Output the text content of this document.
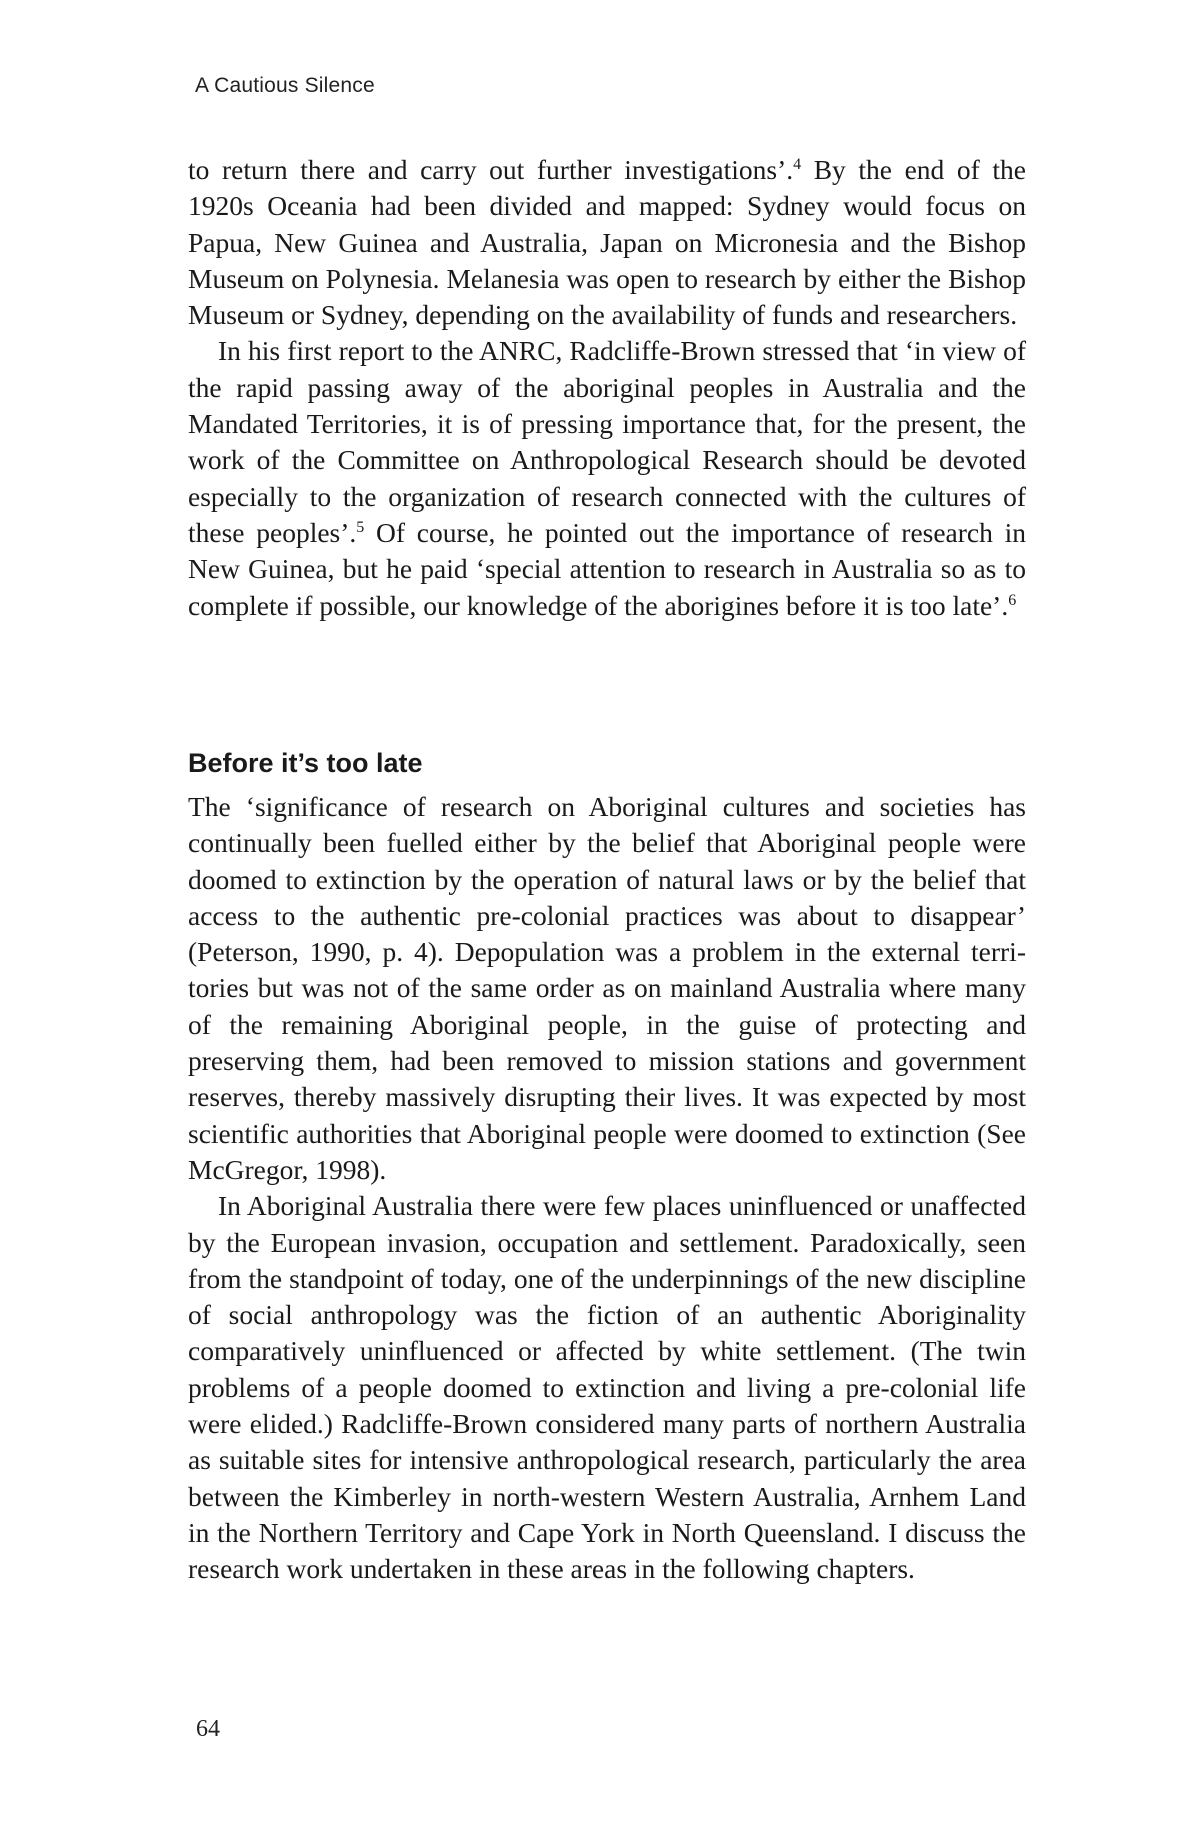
A Cautious Silence

to return there and carry out further investigations’.$^4$ By the end of the 1920s Oceania had been divided and mapped: Sydney would focus on Papua, New Guinea and Australia, Japan on Micronesia and the Bishop Museum on Polynesia. Melanesia was open to research by either the Bishop Museum or Sydney, depending on the availability of funds and researchers.

In his first report to the ANRC, Radcliffe-Brown stressed that ‘in view of the rapid passing away of the aboriginal peoples in Australia and the Mandated Territories, it is of pressing importance that, for the present, the work of the Committee on Anthropological Research should be devoted especially to the organization of research connected with the cultures of these peoples’.$^5$ Of course, he pointed out the importance of research in New Guinea, but he paid ‘special attention to research in Australia so as to complete if possible, our knowledge of the aborigines before it is too late’.$^6$

Before it’s too late

The ‘significance of research on Aboriginal cultures and societies has continually been fuelled either by the belief that Aboriginal people were doomed to extinction by the operation of natural laws or by the belief that access to the authentic pre-colonial practices was about to disappear’ (Peterson, 1990, p. 4). Depopulation was a problem in the external territories but was not of the same order as on mainland Australia where many of the remaining Aboriginal people, in the guise of protecting and preserving them, had been removed to mission stations and government reserves, thereby massively disrupting their lives. It was expected by most scientific authorities that Aboriginal people were doomed to extinction (See McGregor, 1998).

In Aboriginal Australia there were few places uninfluenced or unaffected by the European invasion, occupation and settlement. Paradoxically, seen from the standpoint of today, one of the underpinnings of the new discipline of social anthropology was the fiction of an authentic Aboriginality comparatively uninfluenced or affected by white settlement. (The twin problems of a people doomed to extinction and living a pre-colonial life were elided.) Radcliffe-Brown considered many parts of northern Australia as suitable sites for intensive anthropological research, particularly the area between the Kimberley in north-western Western Australia, Arnhem Land in the Northern Territory and Cape York in North Queensland. I discuss the research work undertaken in these areas in the following chapters.

64
